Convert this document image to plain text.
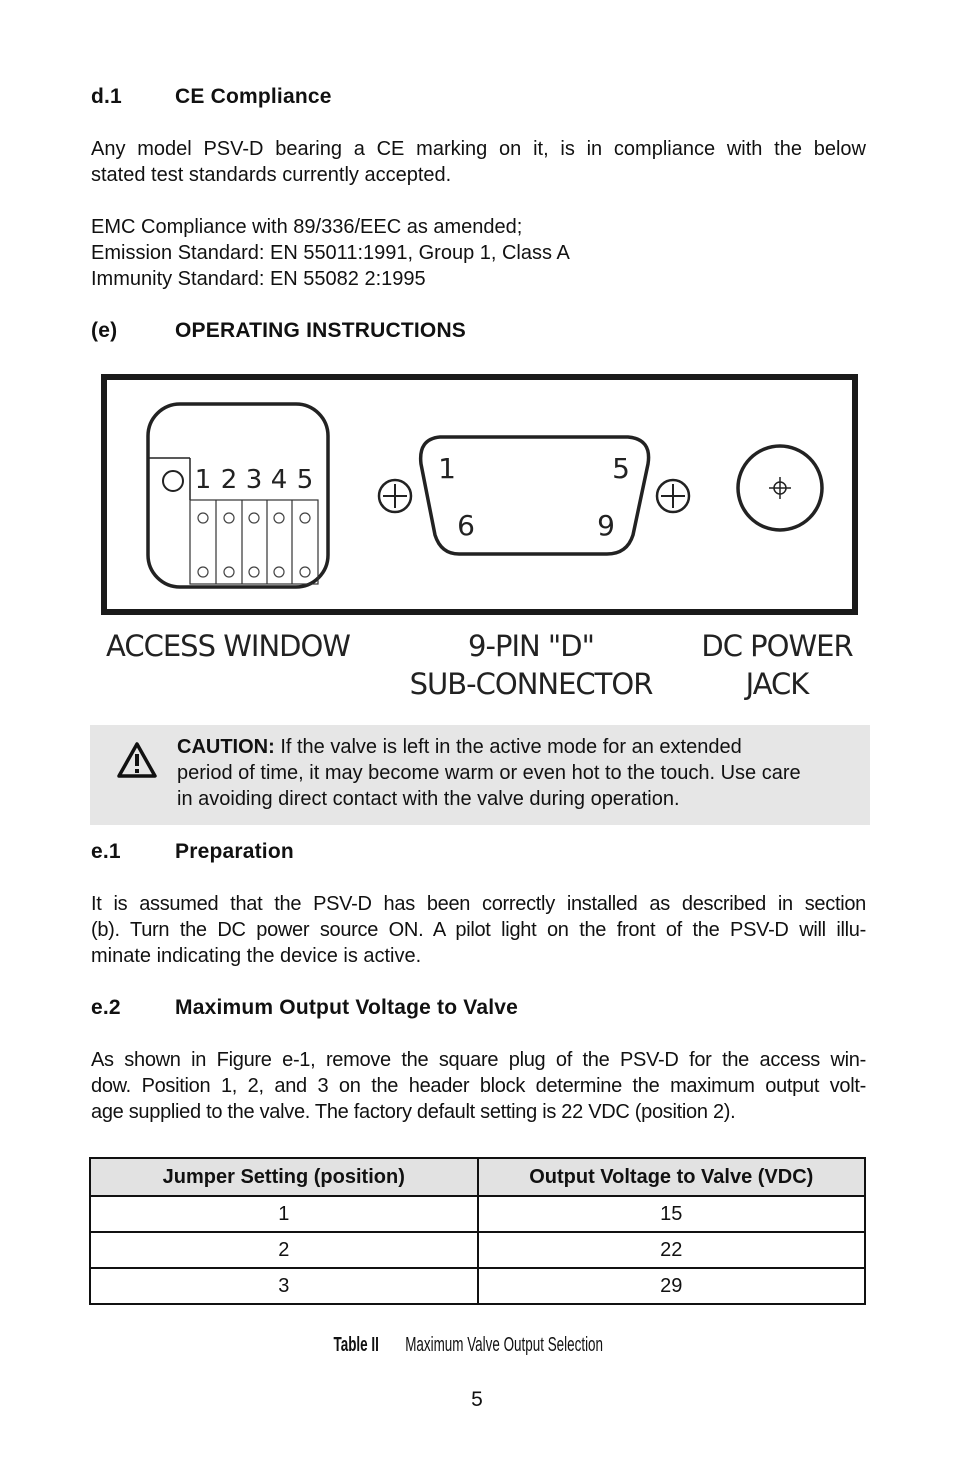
d.1	CE Compliance
Any model PSV-D bearing a CE marking on it, is in compliance with the below
stated test standards currently accepted.
EMC Compliance with 89/336/EEC as amended;
Emission Standard: EN 55011:1991, Group 1, Class A
Immunity Standard: EN 55082 2:1995
(e)	OPERATING INSTRUCTIONS
1 2 3 4 5	1	5
6	9
ACCESS WINDOW	9-PIN "D"
SUB-CONNECTOR
DC POWER
JACK
CAUTION: If the valve is left in the active mode for an extended
period of time, it may become warm or even hot to the touch. Use care
in avoiding direct contact with the valve during operation.
e.1	Preparation
It is assumed that the PSV-D has been correctly installed as described in section
(b). Turn the DC power source ON. A pilot light on the front of the PSV-D will illu-
minate indicating the device is active.
e.2	Maximum Output Voltage to Valve
As shown in Figure e-1, remove the square plug of the PSV-D for the access win-
dow. Position 1, 2, and 3 on the header block determine the maximum output volt-
age supplied to the valve. The factory default setting is 22 VDC (position 2).
Jumper Setting (position)	Output Voltage to Valve (VDC)
1	15
2	22
3	29
Table IIMaximum Valve Output Selection
5
